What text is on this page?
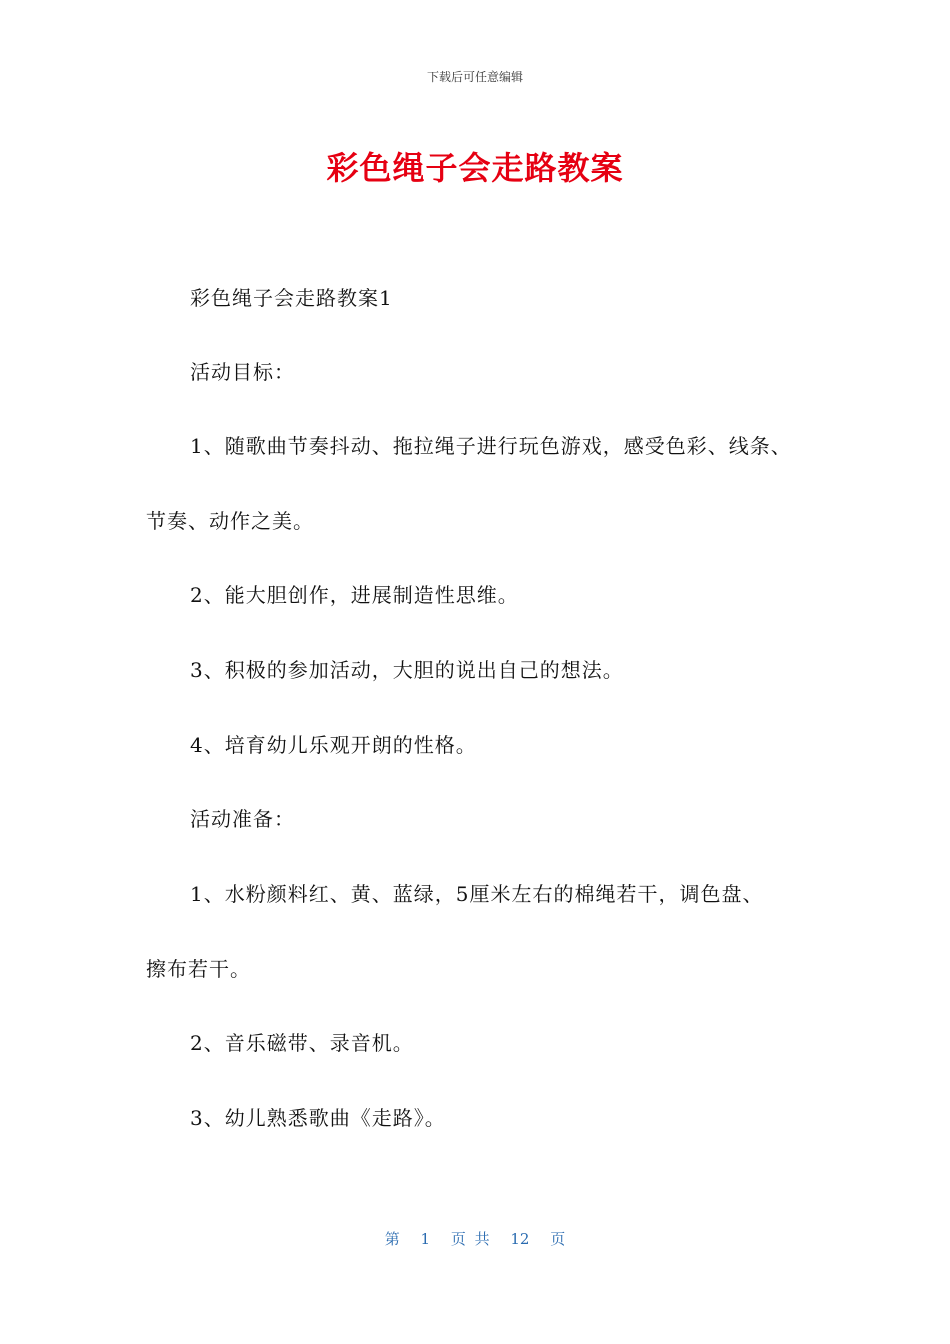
下载后可任意编辑
彩色绳子会走路教案
彩色绳子会走路教案1
活动目标：
1、随歌曲节奏抖动、拖拉绳子进行玩色游戏，感受色彩、线条、
节奏、动作之美。
2、能大胆创作，进展制造性思维。
3、积极的参加活动，大胆的说出自己的想法。
4、培育幼儿乐观开朗的性格。
活动准备：
1、水粉颜料红、黄、蓝绿，5厘米左右的棉绳若干，调色盘、
擦布若干。
2、音乐磁带、录音机。
3、幼儿熟悉歌曲《走路》。
第 1 页 共 12 页
